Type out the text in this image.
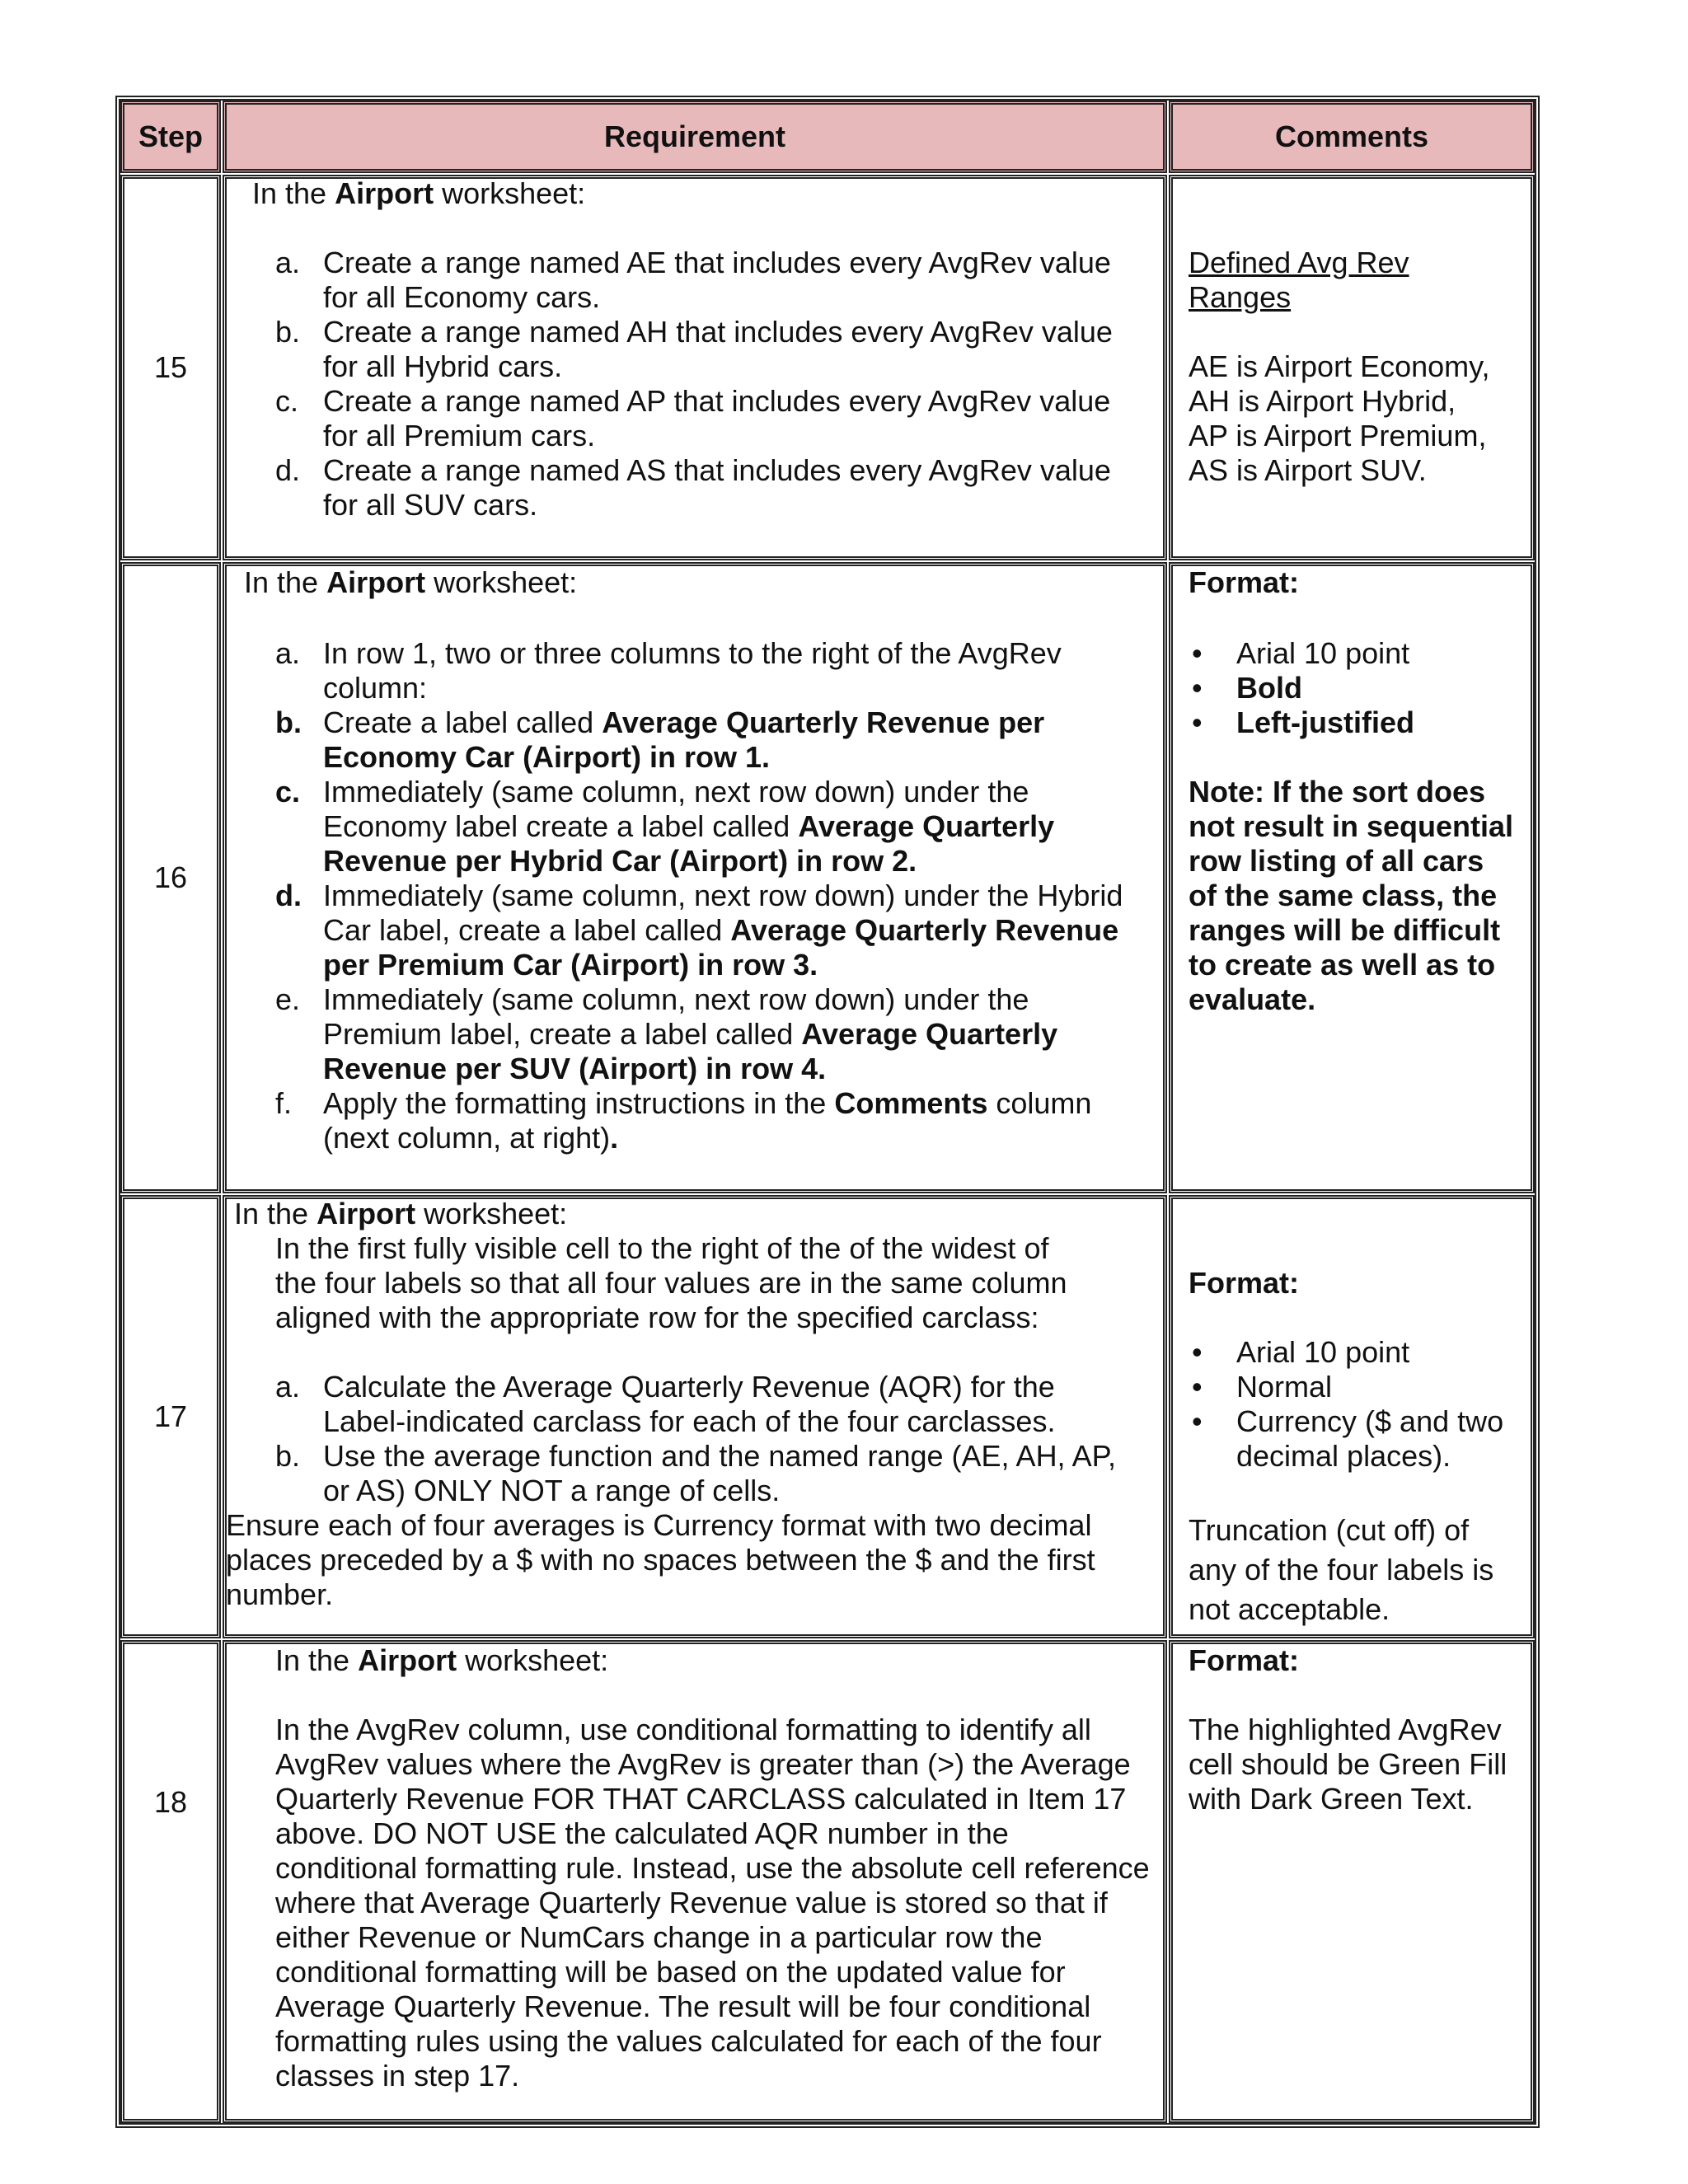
Step	Requirement	Comments
15
In the Airport worksheet:
a. Create a range named AE that includes every AvgRev value
for all Economy cars.
b. Create a range named AH that includes every AvgRev value
for all Hybrid cars.
c. Create a range named AP that includes every AvgRev value
for all Premium cars.
d. Create a range named AS that includes every AvgRev value
for all SUV cars.
Defined Avg Rev
Ranges
AE is Airport Economy,
AH is Airport Hybrid,
AP is Airport Premium,
AS is Airport SUV.
16
In the Airport worksheet:
a. In row 1, two or three columns to the right of the AvgRev
column:
b. Create a label called Average Quarterly Revenue per
Economy Car (Airport) in row 1.
c. Immediately (same column, next row down) under the
Economy label create a label called Average Quarterly
Revenue per Hybrid Car (Airport) in row 2.
d. Immediately (same column, next row down) under the Hybrid
Car label, create a label called Average Quarterly Revenue
per Premium Car (Airport) in row 3.
e. Immediately (same column, next row down) under the
Premium label, create a label called Average Quarterly
Revenue per SUV (Airport) in row 4.
f. Apply the formatting instructions in the Comments column
(next column, at right).
Format:
• Arial 10 point
• Bold
• Left-justified
Note: If the sort does
not result in sequential
row listing of all cars
of the same class, the
ranges will be difficult
to create as well as to
evaluate.
17
In the Airport worksheet:
In the first fully visible cell to the right of the of the widest of
the four labels so that all four values are in the same column
aligned with the appropriate row for the specified carclass:
a. Calculate the Average Quarterly Revenue (AQR) for the
Label-indicated carclass for each of the four carclasses.
b. Use the average function and the named range (AE, AH, AP,
or AS) ONLY NOT a range of cells.
Ensure each of four averages is Currency format with two decimal
places preceded by a $ with no spaces between the $ and the first
number.
Format:
• Arial 10 point
• Normal
• Currency ($ and two
decimal places).
Truncation (cut off) of
any of the four labels is
not acceptable.
18
In the Airport worksheet:
In the AvgRev column, use conditional formatting to identify all
AvgRev values where the AvgRev is greater than (>) the Average
Quarterly Revenue FOR THAT CARCLASS calculated in Item 17
above. DO NOT USE the calculated AQR number in the
conditional formatting rule. Instead, use the absolute cell reference
where that Average Quarterly Revenue value is stored so that if
either Revenue or NumCars change in a particular row the
conditional formatting will be based on the updated value for
Average Quarterly Revenue. The result will be four conditional
formatting rules using the values calculated for each of the four
classes in step 17.
Format:
The highlighted AvgRev
cell should be Green Fill
with Dark Green Text.
